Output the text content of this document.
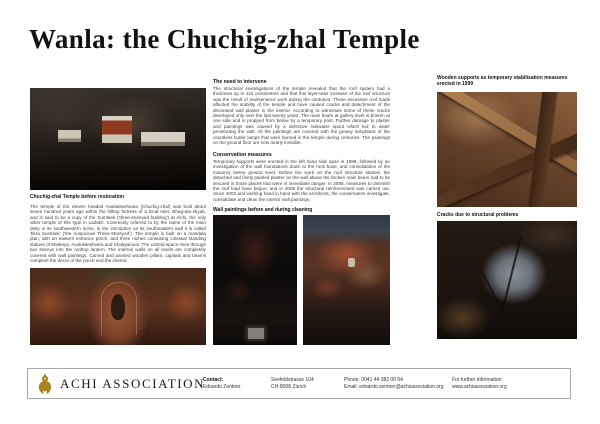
Wanla: the Chuchig-zhal Temple
Chuchig-zhal Temple before restoration
The temple of the eleven headed Avalokiteshvara (Chuchig-zhal) was built about seven hundred years ago within the hilltop fortress of a local ruler, Bhag-dar-skyab, and is said to be a copy of the Sumtsek ('three-storeyed building') at Alchi, the only other temple of this type in Ladakh. Commonly referred to by the name of the main deity in its southwestern niche, in the inscription on its southeastern wall it is called 'bkra Sumtsek' ('the Auspicious Three-Storeyed'). The temple is built on a mandala plan, with an eastern entrance porch, and three niches containing colossal standing statues of Maitreya, Avalokiteshvara and Shakyamuni. The central space rises through two storeys into the rooftop lantern. The internal walls on all levels are completely covered with wall paintings. Carved and painted wooden pillars, capitals and beams complete the decor of the porch and the interior.
The need to intervene
The structural investigations of the temple revealed that the roof system had a thickness up to 110 centimetres and that this layer-wise increase of the roof structure was the result of maintenance work during the centuries. These excessive roof loads affected the stability of the temple and have caused cracks and detachment of the decorated wall plaster in the interior. According to witnesses some of these cracks developed only over the last twenty years. The main beam at gallery level is broken at one side and is propped from below by a temporary post. Further damage to plaster and paintings was caused by a defective rainwater spout which led to water penetrating the wall. All the paintings are covered with the greasy lampblack of the countless butter lamps that were burned in the temple during centuries. The paintings on the ground floor are now nearly invisible.
Conservation measures
Temporary supports were erected in the left hand side apse in 1999, followed by an investigation of the wall foundations down to the rock base, and consolidation of the masonry below ground level. Before the work on the roof structure started, the detached and finely painted plaster on the wall above the broken main beam had to be secured in those places that were in immediate danger. In 2006, measures to diminish the roof load have begun, and in 2008 the structural reinforcement was carried out. Since 2003 and working hand in hand with the architects, the conservators investigate, consolidate and clean the interior wall paintings.
Wall paintings before and during cleaning
Wooden supports as temporary stabilisation measures erected in 1999
Cracks due to structural problems
ACHI ASSOCIATION
Contact:
Edoardo Zentner
Seefeldstrasse 104
CH-8008 Zürich
Phone: 0041 44 382 00 54
Email: edoardo.zentner@achiassociation.org
For further information:
www.achiassociation.org
